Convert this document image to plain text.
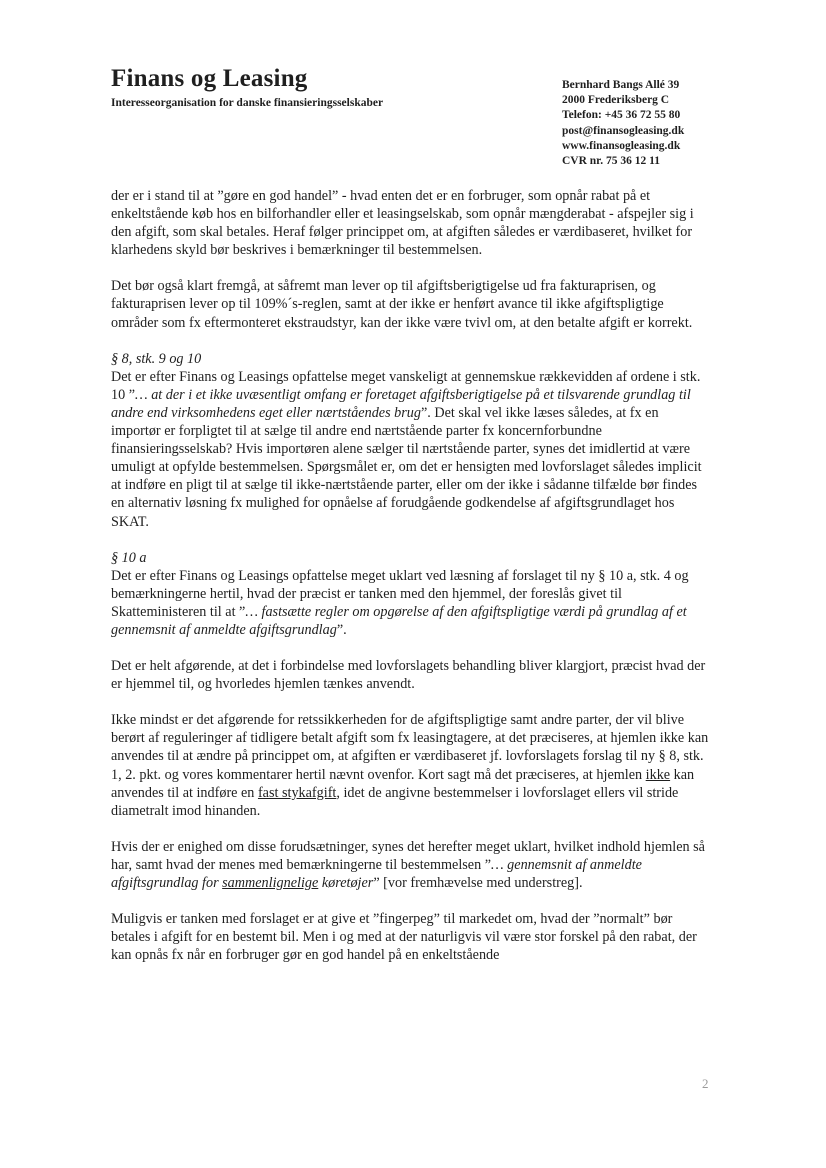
Finans og Leasing
Interesseorganisation for danske finansieringsselskaber
Bernhard Bangs Allé 39
2000 Frederiksberg C
Telefon: +45 36 72 55 80
post@finansogleasing.dk
www.finansogleasing.dk
CVR nr. 75 36 12 11

der er i stand til at ”gøre en god handel” - hvad enten det er en forbruger, som opnår rabat på et enkeltstående køb hos en bilforhandler eller et leasingselskab, som opnår mængderabat - afspejler sig i den afgift, som skal betales. Heraf følger princippet om, at afgiften således er værdibaseret, hvilket for klarhedens skyld bør beskrives i bemærkninger til bestemmelsen.

Det bør også klart fremgå, at såfremt man lever op til afgiftsberigtigelse ud fra fakturaprisen, og fakturaprisen lever op til 109%´s-reglen, samt at der ikke er henført avance til ikke afgiftspligtige områder som fx eftermonteret ekstraudstyr, kan der ikke være tvivl om, at den betalte afgift er korrekt.

§ 8, stk. 9 og 10

Det er efter Finans og Leasings opfattelse meget vanskeligt at gennemskue rækkevidden af ordene i stk. 10 ”… at der i et ikke uvæsentligt omfang er foretaget afgiftsberigtigelse på et tilsvarende grundlag til andre end virksomhedens eget eller nærtståendes brug”. Det skal vel ikke læses således, at fx en importør er forpligtet til at sælge til andre end nærtstående parter fx koncernforbundne finansieringsselskab? Hvis importøren alene sælger til nærtstående parter, synes det imidlertid at være umuligt at opfylde bestemmelsen. Spørgsmålet er, om det er hensigten med lovforslaget således implicit at indføre en pligt til at sælge til ikke-nærtstående parter, eller om der ikke i sådanne tilfælde bør findes en alternativ løsning fx mulighed for opnåelse af forudgående godkendelse af afgiftsgrundlaget hos SKAT.

§ 10 a

Det er efter Finans og Leasings opfattelse meget uklart ved læsning af forslaget til ny § 10 a, stk. 4 og bemærkningerne hertil, hvad der præcist er tanken med den hjemmel, der foreslås givet til Skatteministeren til at ”… fastsætte regler om opgørelse af den afgiftspligtige værdi på grundlag af et gennemsnit af anmeldte afgiftsgrundlag”.

Det er helt afgørende, at det i forbindelse med lovforslagets behandling bliver klargjort, præcist hvad der er hjemmel til, og hvorledes hjemlen tænkes anvendt.

Ikke mindst er det afgørende for retssikkerheden for de afgiftspligtige samt andre parter, der vil blive berørt af reguleringer af tidligere betalt afgift som fx leasingtagere, at det præciseres, at hjemlen ikke kan anvendes til at ændre på princippet om, at afgiften er værdibaseret jf. lovforslagets forslag til ny § 8, stk. 1, 2. pkt. og vores kommentarer hertil nævnt ovenfor. Kort sagt må det præciseres, at hjemlen ikke kan anvendes til at indføre en fast stykafgift, idet de angivne bestemmelser i lovforslaget ellers vil stride diametralt imod hinanden.

Hvis der er enighed om disse forudsætninger, synes det herefter meget uklart, hvilket indhold hjemlen så har, samt hvad der menes med bemærkningerne til bestemmelsen ”… gennemsnit af anmeldte afgiftsgrundlag for sammenlignelige køretøjer” [vor fremhævelse med understreg].

Muligvis er tanken med forslaget er at give et ”fingerpeg” til markedet om, hvad der ”normalt” bør betales i afgift for en bestemt bil. Men i og med at der naturligvis vil være stor forskel på den rabat, der kan opnås fx når en forbruger gør en god handel på en enkeltstående

2
